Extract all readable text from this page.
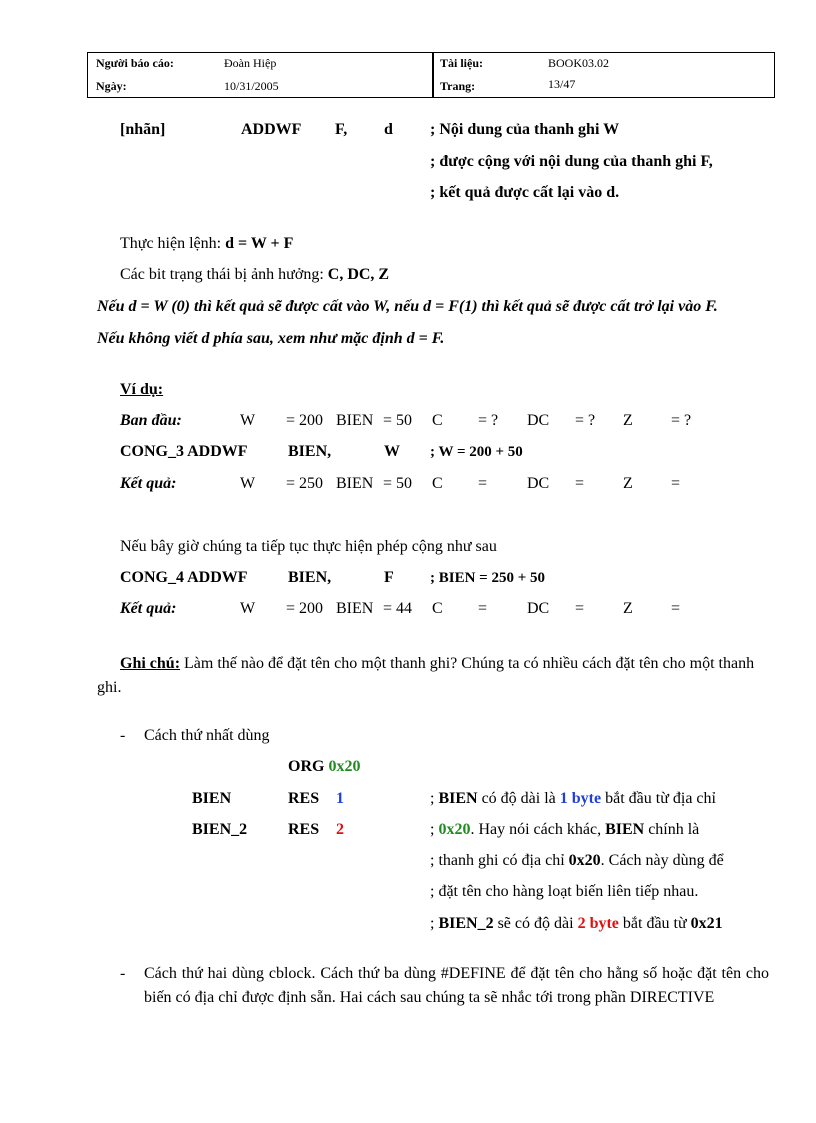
Người báo cáo:	Đoàn Hiệp
Ngày:	10/31/2005
Tài liệu:	BOOK03.02
Trang:	13/47
[nhãn]	ADDWF F, d ; Nội dung của thanh ghi W
; được cộng với nội dung của thanh ghi F,
; kết quả được cất lại vào d.
Thực hiện lệnh: d = W + F
Các bit trạng thái bị ảnh hưởng: C, DC, Z
Nếu d = W (0) thì kết quả sẽ được cất vào W, nếu d = F(1) thì kết quả sẽ được cất trở lại vào F.
Nếu không viết d phía sau, xem như mặc định d = F.
Ví dụ:
Ban đầu:	W = 200 BIEN = 50 C = ? DC = ? Z = ?
CONG_3 ADDWF	BIEN,	W ; W = 200 + 50
Kết quả:	W = 250 BIEN = 50 C = DC = Z =
Nếu bây giờ chúng ta tiếp tục thực hiện phép cộng như sau
CONG_4 ADDWF	BIEN,	F ; BIEN = 250 + 50
Kết quả:	W = 200 BIEN = 44 C = DC = Z =
Ghi chú: Làm thế nào để đặt tên cho một thanh ghi? Chúng ta có nhiều cách đặt tên cho một thanh ghi.
- Cách thứ nhất dùng
ORG 0x20
BIEN	RES 1
BIEN_2	RES 2
; BIEN có độ dài là 1 byte bắt đầu từ địa chỉ
; 0x20. Hay nói cách khác, BIEN chính là
; thanh ghi có địa chỉ 0x20. Cách này dùng để
; đặt tên cho hàng loạt biến liên tiếp nhau.
; BIEN_2 sẽ có độ dài 2 byte bắt đầu từ 0x21
- Cách thứ hai dùng cblock. Cách thứ ba dùng #DEFINE để đặt tên cho hằng số hoặc đặt tên cho biến có địa chỉ được định sẵn. Hai cách sau chúng ta sẽ nhắc tới trong phần DIRECTIVE
